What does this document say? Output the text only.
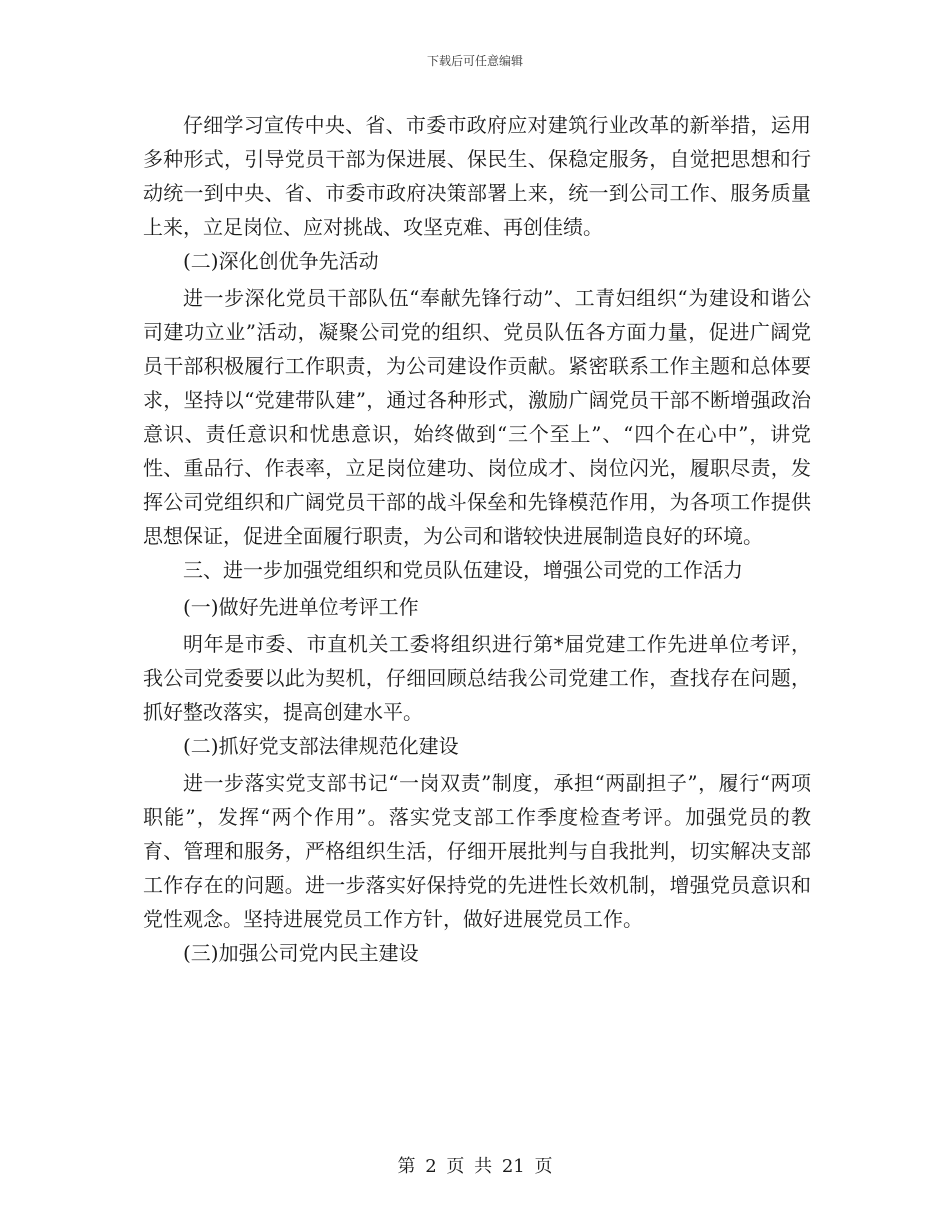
下载后可任意编辑

仔细学习宣传中央、省、市委市政府应对建筑行业改革的新举措，运用多种形式，引导党员干部为保进展、保民生、保稳定服务，自觉把思想和行动统一到中央、省、市委市政府决策部署上来，统一到公司工作、服务质量上来，立足岗位、应对挑战、攻坚克难、再创佳绩。

(二)深化创优争先活动

进一步深化党员干部队伍“奉献先锋行动”、工青妇组织“为建设和谐公司建功立业”活动，凝聚公司党的组织、党员队伍各方面力量，促进广阔党员干部积极履行工作职责，为公司建设作贡献。紧密联系工作主题和总体要求，坚持以“党建带队建”，通过各种形式，激励广阔党员干部不断增强政治意识、责任意识和忧患意识，始终做到“三个至上”、“四个在心中”，讲党性、重品行、作表率，立足岗位建功、岗位成才、岗位闪光，履职尽责，发挥公司党组织和广阔党员干部的战斗保垒和先锋模范作用，为各项工作提供思想保证，促进全面履行职责，为公司和谐较快进展制造良好的环境。

三、进一步加强党组织和党员队伍建设，增强公司党的工作活力

(一)做好先进单位考评工作

明年是市委、市直机关工委将组织进行第*届党建工作先进单位考评，我公司党委要以此为契机，仔细回顾总结我公司党建工作，查找存在问题，抓好整改落实，提高创建水平。

(二)抓好党支部法律规范化建设

进一步落实党支部书记“一岗双责”制度，承担“两副担子”，履行“两项职能”，发挥“两个作用”。落实党支部工作季度检查考评。加强党员的教育、管理和服务，严格组织生活，仔细开展批判与自我批判，切实解决支部工作存在的问题。进一步落实好保持党的先进性长效机制，增强党员意识和党性观念。坚持进展党员工作方针，做好进展党员工作。

(三)加强公司党内民主建设

第 2 页 共 21 页
